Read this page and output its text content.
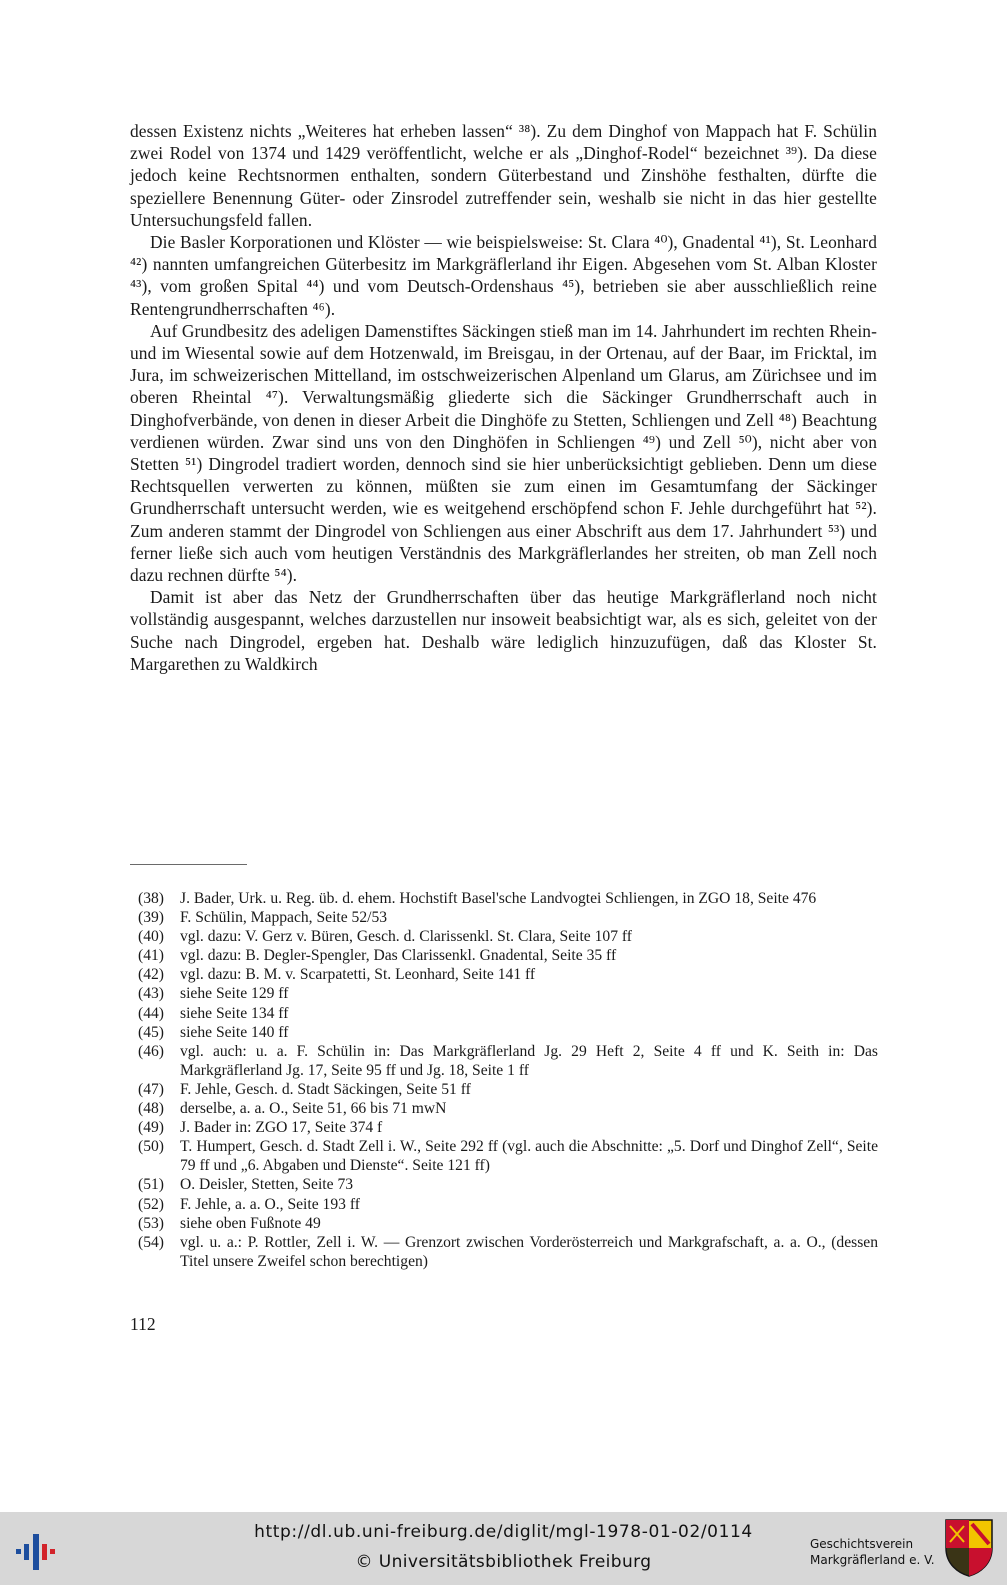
dessen Existenz nichts „Weiteres hat erheben lassen“ ³⁸). Zu dem Dinghof von Mappach hat F. Schülin zwei Rodel von 1374 und 1429 veröffentlicht, welche er als „Dinghof-Rodel“ bezeichnet ³⁹). Da diese jedoch keine Rechtsnormen enthalten, sondern Güterbestand und Zinshöhe festhalten, dürfte die speziellere Benennung Güter- oder Zinsrodel zutreffender sein, weshalb sie nicht in das hier gestellte Untersuchungsfeld fallen.

Die Basler Korporationen und Klöster — wie beispielsweise: St. Clara ⁴⁰), Gnadental ⁴¹), St. Leonhard ⁴²) nannten umfangreichen Güterbesitz im Markgräflerland ihr Eigen. Abgesehen vom St. Alban Kloster ⁴³), vom großen Spital ⁴⁴) und vom Deutsch-Ordenshaus ⁴⁵), betrieben sie aber ausschließlich reine Rentengrundherrschaften ⁴⁶).

Auf Grundbesitz des adeligen Damenstiftes Säckingen stieß man im 14. Jahrhundert im rechten Rhein- und im Wiesental sowie auf dem Hotzenwald, im Breisgau, in der Ortenau, auf der Baar, im Fricktal, im Jura, im schweizerischen Mittelland, im ostschweizerischen Alpenland um Glarus, am Zürichsee und im oberen Rheintal ⁴⁷). Verwaltungsmäßig gliederte sich die Säckinger Grundherrschaft auch in Dinghofverbände, von denen in dieser Arbeit die Dinghöfe zu Stetten, Schliengen und Zell ⁴⁸) Beachtung verdienen würden. Zwar sind uns von den Dinghöfen in Schliengen ⁴⁹) und Zell ⁵⁰), nicht aber von Stetten ⁵¹) Dingrodel tradiert worden, dennoch sind sie hier unberücksichtigt geblieben. Denn um diese Rechtsquellen verwerten zu können, müßten sie zum einen im Gesamtumfang der Säckinger Grundherrschaft untersucht werden, wie es weitgehend erschöpfend schon F. Jehle durchgeführt hat ⁵²). Zum anderen stammt der Dingrodel von Schliengen aus einer Abschrift aus dem 17. Jahrhundert ⁵³) und ferner ließe sich auch vom heutigen Verständnis des Markgräflerlandes her streiten, ob man Zell noch dazu rechnen dürfte ⁵⁴).

Damit ist aber das Netz der Grundherrschaften über das heutige Markgräflerland noch nicht vollständig ausgespannt, welches darzustellen nur insoweit beabsichtigt war, als es sich, geleitet von der Suche nach Dingrodel, ergeben hat. Deshalb wäre lediglich hinzuzufügen, daß das Kloster St. Margarethen zu Waldkirch

(38)	J. Bader, Urk. u. Reg. üb. d. ehem. Hochstift Basel'sche Landvogtei Schliengen, in ZGO 18, Seite 476
(39)	F. Schülin, Mappach, Seite 52/53
(40)	vgl. dazu: V. Gerz v. Büren, Gesch. d. Clarissenkl. St. Clara, Seite 107 ff
(41)	vgl. dazu: B. Degler-Spengler, Das Clarissenkl. Gnadental, Seite 35 ff
(42)	vgl. dazu: B. M. v. Scarpatetti, St. Leonhard, Seite 141 ff
(43)	siehe Seite 129 ff
(44)	siehe Seite 134 ff
(45)	siehe Seite 140 ff
(46)	vgl. auch: u. a. F. Schülin in: Das Markgräflerland Jg. 29 Heft 2, Seite 4 ff und K. Seith in: Das Markgräflerland Jg. 17, Seite 95 ff und Jg. 18, Seite 1 ff
(47)	F. Jehle, Gesch. d. Stadt Säckingen, Seite 51 ff
(48)	derselbe, a. a. O., Seite 51, 66 bis 71 mwN
(49)	J. Bader in: ZGO 17, Seite 374 f
(50)	T. Humpert, Gesch. d. Stadt Zell i. W., Seite 292 ff (vgl. auch die Abschnitte: „5. Dorf und Dinghof Zell“, Seite 79 ff und „6. Abgaben und Dienste“. Seite 121 ff)
(51)	O. Deisler, Stetten, Seite 73
(52)	F. Jehle, a. a. O., Seite 193 ff
(53)	siehe oben Fußnote 49
(54)	vgl. u. a.: P. Rottler, Zell i. W. — Grenzort zwischen Vorderösterreich und Markgrafschaft, a. a. O., (dessen Titel unsere Zweifel schon berechtigen)
112
http://dl.ub.uni-freiburg.de/diglit/mgl-1978-01-02/0114
© Universitätsbibliothek Freiburg
Geschichtsverein
Markgräflerland e. V.
